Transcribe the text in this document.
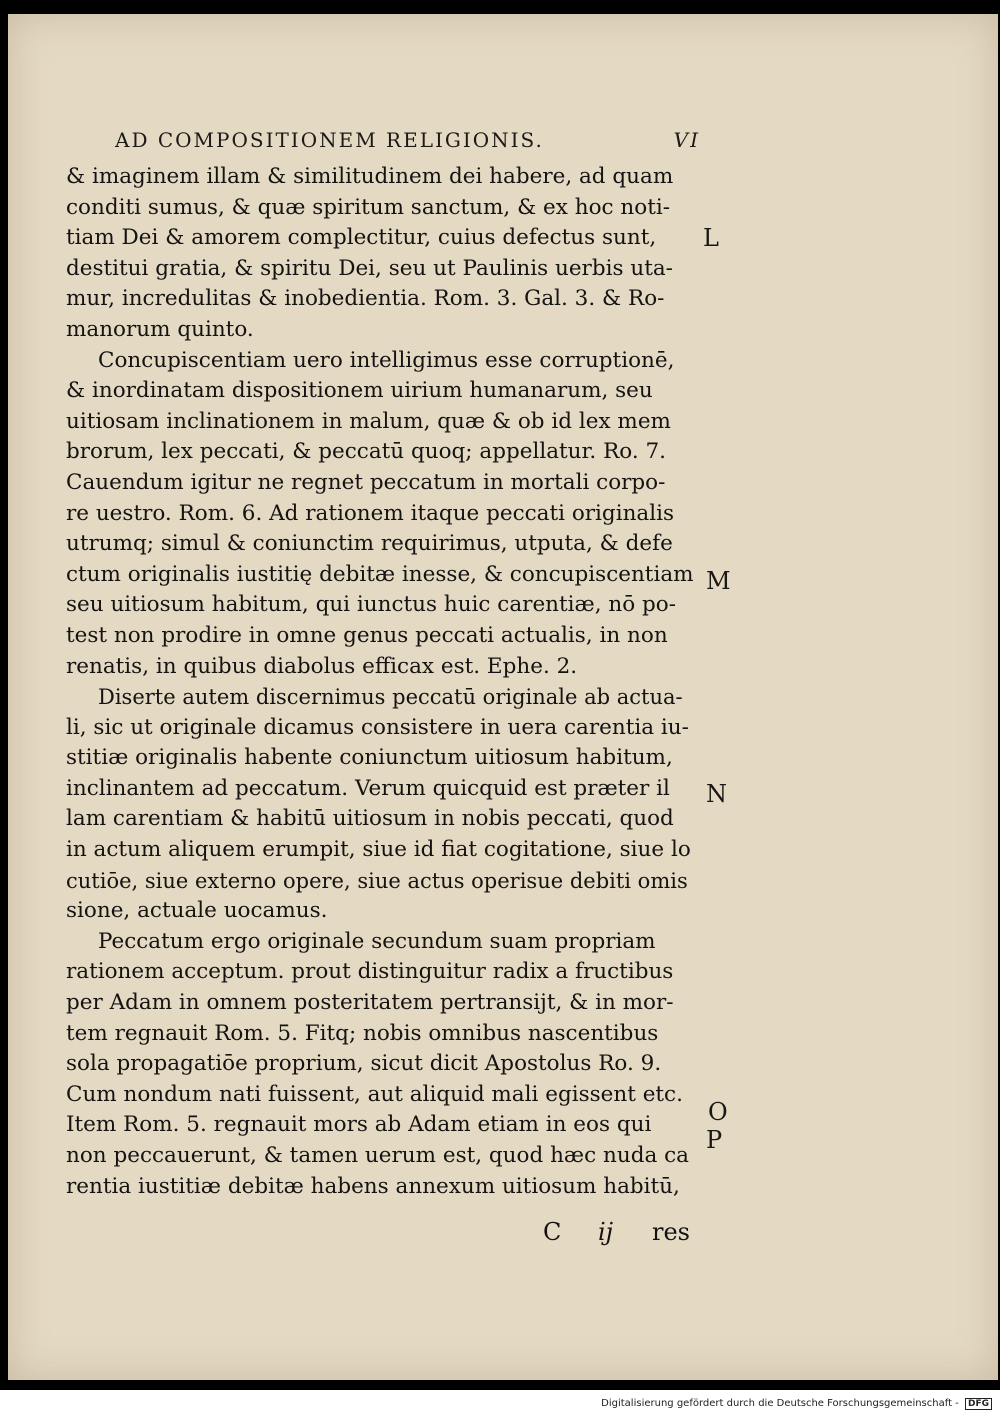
AD COMPOSITIONEM RELIGIONIS.	VI
& imaginem illam & similitudinem dei habere, ad quam
conditi sumus, & quæ spiritum sanctum, & ex hoc noti-
tiam Dei & amorem complectitur, cuius defectus sunt,
destitui gratia, & spiritu Dei, seu ut Paulinis uerbis uta-
mur, incredulitas & inobedientia. Rom. 3. Gal. 3. & Ro-
manorum quinto.
Concupiscentiam uero intelligimus esse corruptionē,
& inordinatam dispositionem uirium humanarum, seu
uitiosam inclinationem in malum, quæ & ob id lex mem
brorum, lex peccati, & peccatū quoq; appellatur. Ro. 7.
Cauendum igitur ne regnet peccatum in mortali corpo-
re uestro. Rom. 6. Ad rationem itaque peccati originalis
utrumq; simul & coniunctim requirimus, utputa, & defe
ctum originalis iustitię debitæ inesse, & concupiscentiam
seu uitiosum habitum, qui iunctus huic carentiæ, nō po-
test non prodire in omne genus peccati actualis, in non
renatis, in quibus diabolus efficax est. Ephe. 2.
Diserte autem discernimus peccatū originale ab actua-
li, sic ut originale dicamus consistere in uera carentia iu-
stitiæ originalis habente coniunctum uitiosum habitum,
inclinantem ad peccatum. Verum quicquid est præter il
lam carentiam & habitū uitiosum in nobis peccati, quod
in actum aliquem erumpit, siue id fiat cogitatione, siue lo
cutiōe, siue externo opere, siue actus operisue debiti omis
sione, actuale uocamus.
Peccatum ergo originale secundum suam propriam
rationem acceptum. prout distinguitur radix a fructibus
per Adam in omnem posteritatem pertransijt, & in mor-
tem regnauit Rom. 5. Fitq; nobis omnibus nascentibus
sola propagatiōe proprium, sicut dicit Apostolus Ro. 9.
Cum nondum nati fuissent, aut aliquid mali egissent etc.
Item Rom. 5. regnauit mors ab Adam etiam in eos qui
non peccauerunt, & tamen uerum est, quod hæc nuda ca
rentia iustitiæ debitæ habens annexum uitiosum habitū,
L
M
N
O
P
C ij res
Digitalisierung gefördert durch die Deutsche Forschungsgemeinschaft - DFG
